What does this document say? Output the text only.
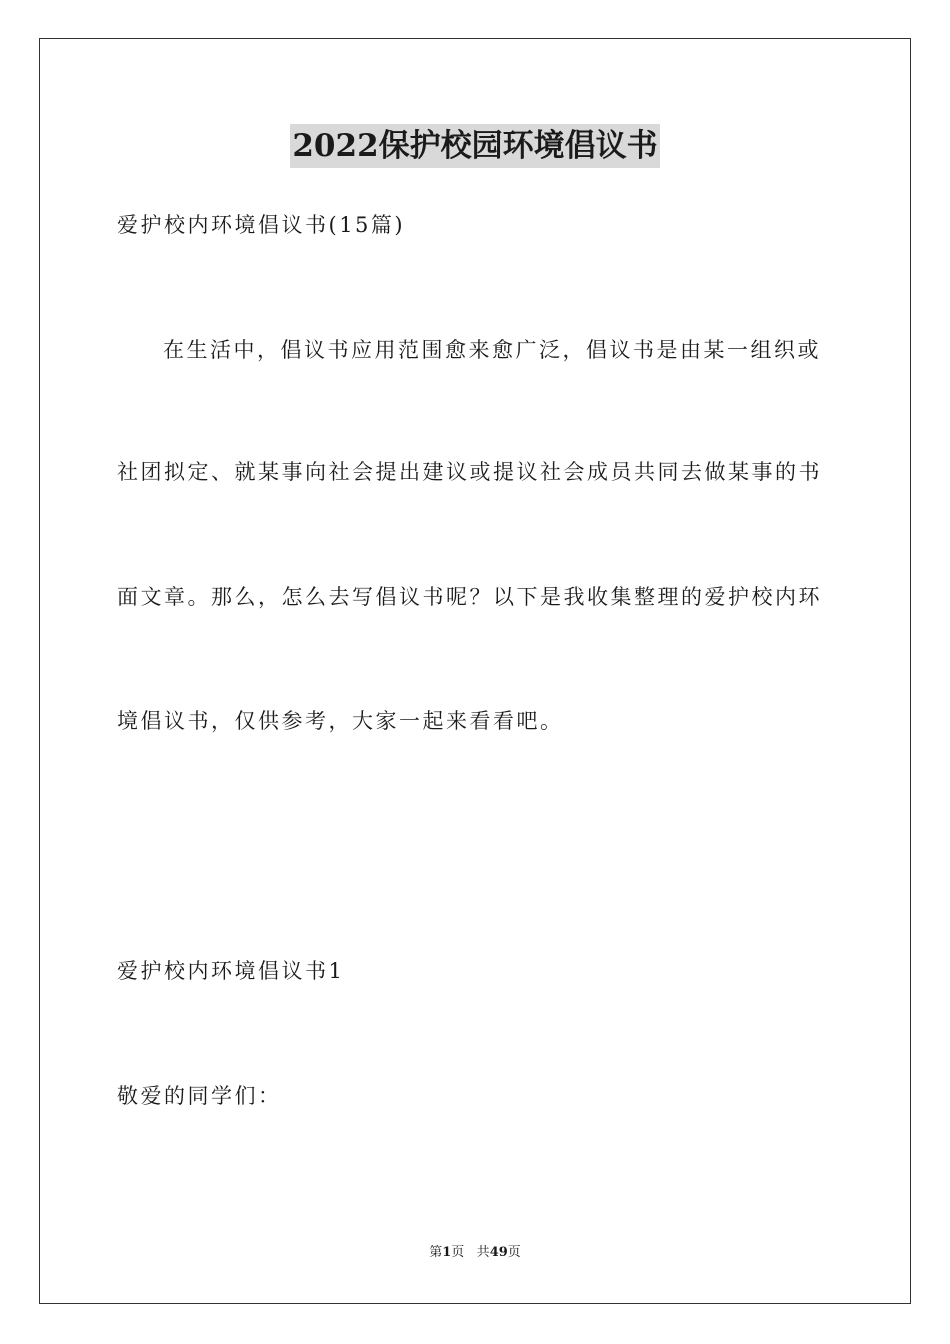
2022保护校园环境倡议书
爱护校内环境倡议书(15篇)
在生活中，倡议书应用范围愈来愈广泛，倡议书是由某一组织或
社团拟定、就某事向社会提出建议或提议社会成员共同去做某事的书
面文章。那么，怎么去写倡议书呢？以下是我收集整理的爱护校内环
境倡议书，仅供参考，大家一起来看看吧。
爱护校内环境倡议书1
敬爱的同学们：
第1页 共49页
